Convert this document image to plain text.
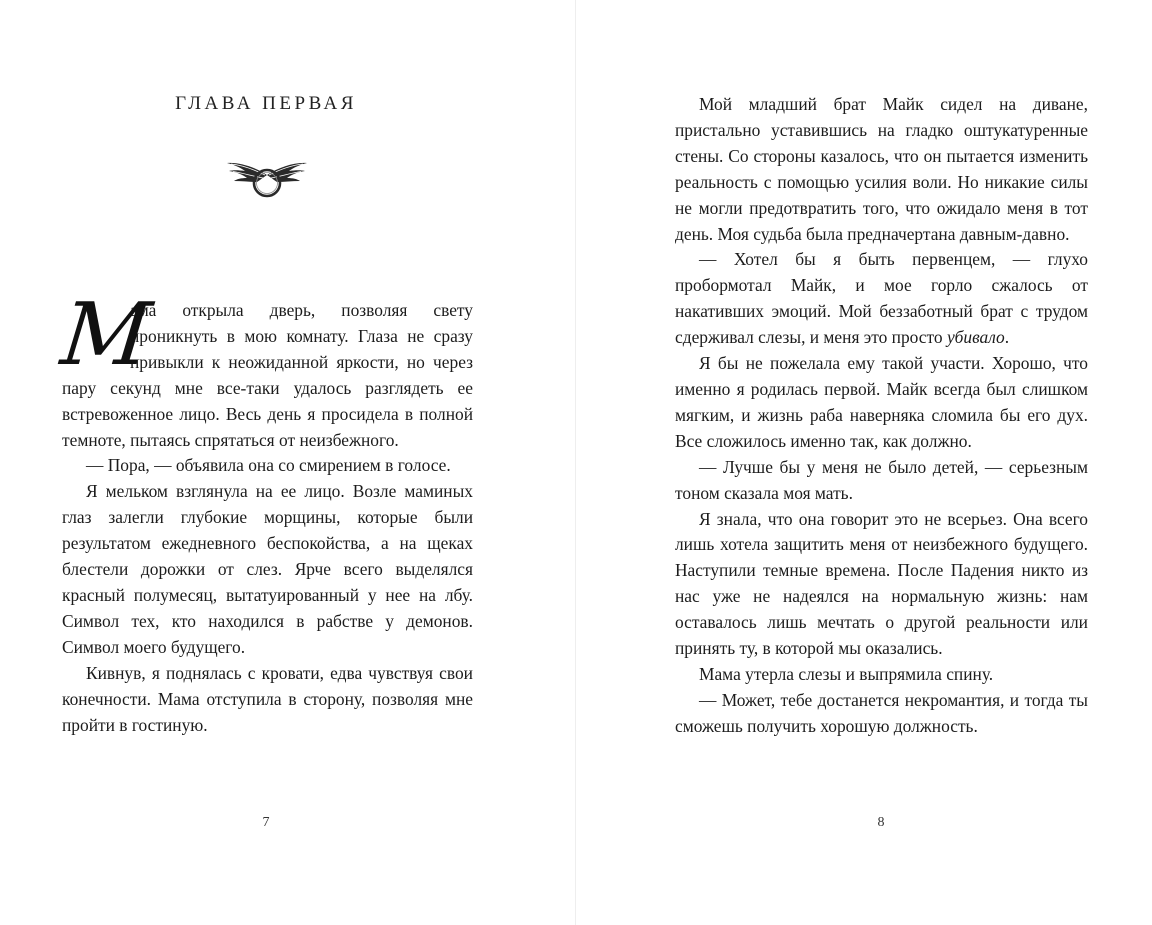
ГЛАВА ПЕРВАЯ

М
ама открыла дверь, позволяя свету проникнуть в мою комнату. Глаза не сразу привыкли к неожиданной яркости, но через пару секунд мне все-таки удалось разглядеть ее встревоженное лицо. Весь день я просидела в полной темноте, пытаясь спрятаться от неизбежного.

— Пора, — объявила она со смирением в голосе.

Я мельком взглянула на ее лицо. Возле маминых глаз залегли глубокие морщины, которые были результатом ежедневного беспокойства, а на щеках блестели дорожки от слез. Ярче всего выделялся красный полумесяц, вытатуированный у нее на лбу. Символ тех, кто находился в рабстве у демонов. Символ моего будущего.

Кивнув, я поднялась с кровати, едва чувствуя свои конечности. Мама отступила в сторону, позволяя мне пройти в гостиную.

7

Мой младший брат Майк сидел на диване, пристально уставившись на гладко оштукатуренные стены. Со стороны казалось, что он пытается изменить реальность с помощью усилия воли. Но никакие силы не могли предотвратить того, что ожидало меня в тот день. Моя судьба была предначертана давным-давно.

— Хотел бы я быть первенцем, — глухо пробормотал Майк, и мое горло сжалось от накативших эмоций. Мой беззаботный брат с трудом сдерживал слезы, и меня это просто убивало.

Я бы не пожелала ему такой участи. Хорошо, что именно я родилась первой. Майк всегда был слишком мягким, и жизнь раба наверняка сломила бы его дух. Все сложилось именно так, как должно.

— Лучше бы у меня не было детей, — серьезным тоном сказала моя мать.

Я знала, что она говорит это не всерьез. Она всего лишь хотела защитить меня от неизбежного будущего. Наступили темные времена. После Падения никто из нас уже не надеялся на нормальную жизнь: нам оставалось лишь мечтать о другой реальности или принять ту, в которой мы оказались.

Мама утерла слезы и выпрямила спину.

— Может, тебе достанется некромантия, и тогда ты сможешь получить хорошую должность.

8
